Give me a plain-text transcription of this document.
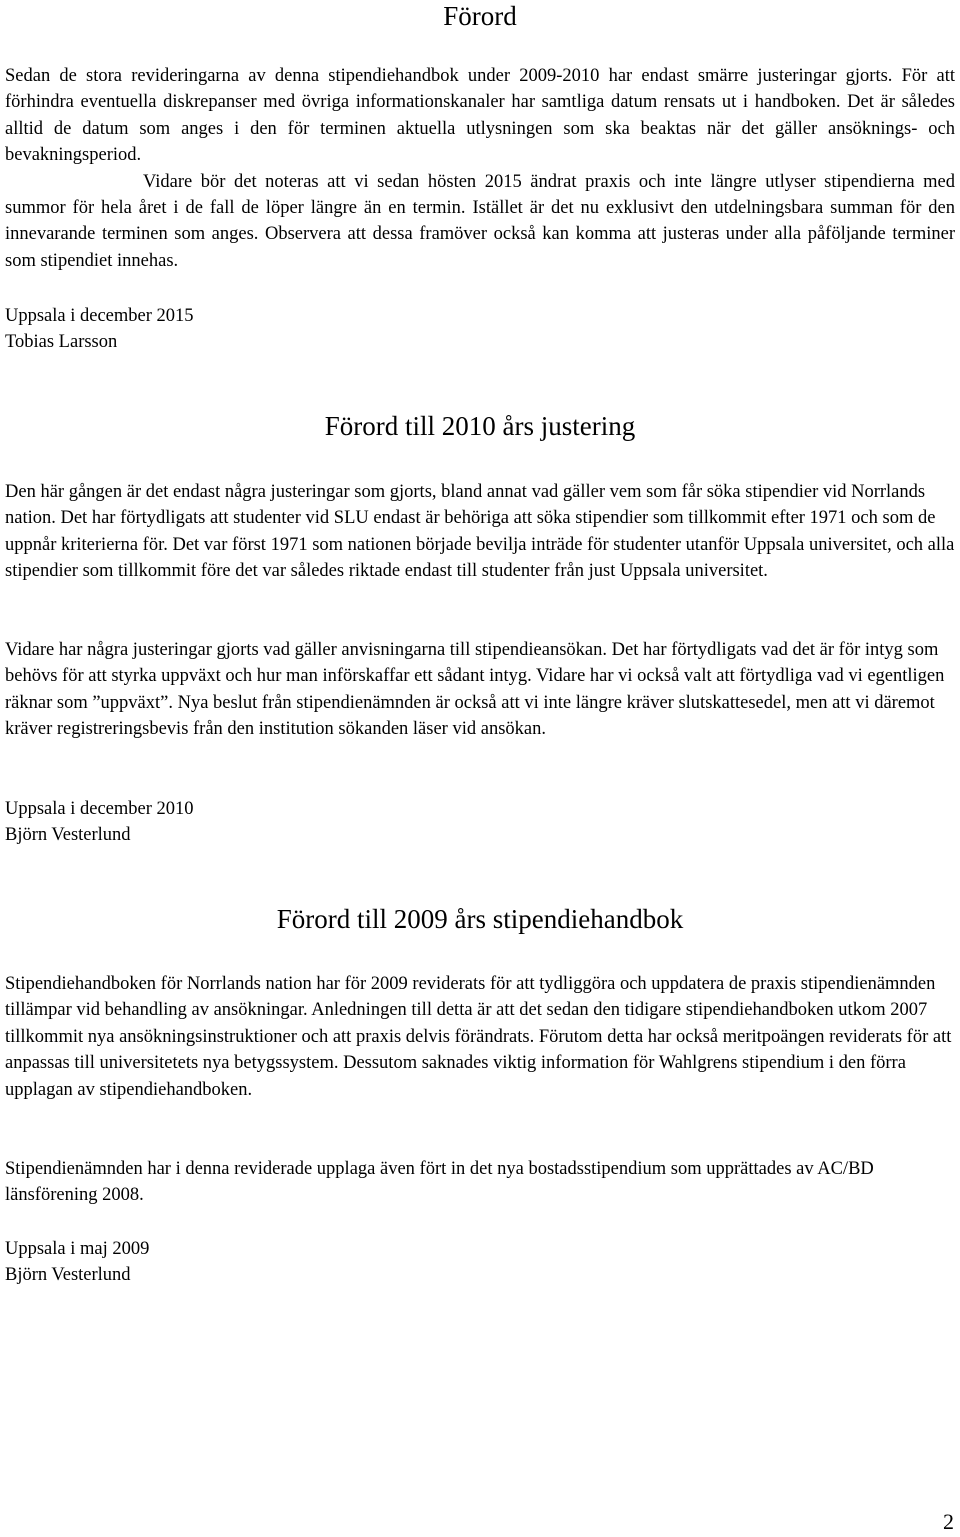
Förord

Sedan de stora revideringarna av denna stipendiehandbok under 2009-2010 har endast smärre justeringar gjorts. För att förhindra eventuella diskrepanser med övriga informationskanaler har samtliga datum rensats ut i handboken. Det är således alltid de datum som anges i den för terminen aktuella utlysningen som ska beaktas när det gäller ansöknings- och bevakningsperiod.
Vidare bör det noteras att vi sedan hösten 2015 ändrat praxis och inte längre utlyser stipendierna med summor för hela året i de fall de löper längre än en termin. Istället är det nu exklusivt den utdelningsbara summan för den innevarande terminen som anges. Observera att dessa framöver också kan komma att justeras under alla påföljande terminer som stipendiet innehas.

Uppsala i december 2015
Tobias Larsson
Förord till 2010 års justering

Den här gången är det endast några justeringar som gjorts, bland annat vad gäller vem som får söka stipendier vid Norrlands nation. Det har förtydligats att studenter vid SLU endast är behöriga att söka stipendier som tillkommit efter 1971 och som de uppnår kriterierna för. Det var först 1971 som nationen började bevilja inträde för studenter utanför Uppsala universitet, och alla stipendier som tillkommit före det var således riktade endast till studenter från just Uppsala universitet.

Vidare har några justeringar gjorts vad gäller anvisningarna till stipendieansökan. Det har förtydligats vad det är för intyg som behövs för att styrka uppväxt och hur man införskaffar ett sådant intyg. Vidare har vi också valt att förtydliga vad vi egentligen räknar som ”uppväxt”. Nya beslut från stipendienämnden är också att vi inte längre kräver slutskattesedel, men att vi däremot kräver registreringsbevis från den institution sökanden läser vid ansökan.

Uppsala i december 2010
Björn Vesterlund
Förord till 2009 års stipendiehandbok

Stipendiehandboken för Norrlands nation har för 2009 reviderats för att tydliggöra och uppdatera de praxis stipendienämnden tillämpar vid behandling av ansökningar. Anledningen till detta är att det sedan den tidigare stipendiehandboken utkom 2007 tillkommit nya ansökningsinstruktioner och att praxis delvis förändrats. Förutom detta har också meritpoängen reviderats för att anpassas till universitetets nya betygssystem. Dessutom saknades viktig information för Wahlgrens stipendium i den förra upplagan av stipendiehandboken.

Stipendienämnden har i denna reviderade upplaga även fört in det nya bostadsstipendium som upprättades av AC/BD länsförening 2008.

Uppsala i maj 2009
Björn Vesterlund
2
